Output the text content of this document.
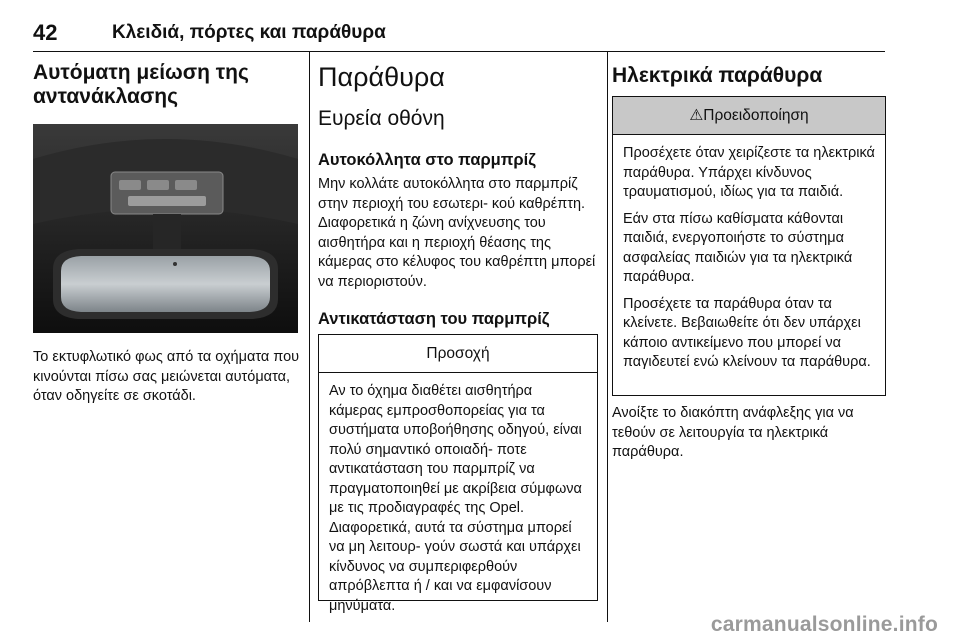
42	Κλειδιά, πόρτες και παράθυρα
Αυτόματη μείωση της αντανάκλασης

Το εκτυφλωτικό φως από τα οχήματα που κινούνται πίσω σας μειώνεται αυτόματα, όταν οδηγείτε σε σκοτάδι.

Παράθυρα
Ευρεία οθόνη
Αυτοκόλλητα στο παρμπρίζ

Μην κολλάτε αυτοκόλλητα στο παρμπρίζ στην περιοχή του εσωτερι- κού καθρέπτη. Διαφορετικά η ζώνη ανίχνευσης του αισθητήρα και η περιοχή θέασης της κάμερας στο κέλυφος του καθρέπτη μπορεί να περιοριστούν.

Αντικατάσταση του παρμπρίζ
Προσοχή

Αν το όχημα διαθέτει αισθητήρα κάμερας εμπροσθοπορείας για τα συστήματα υποβοήθησης οδηγού, είναι πολύ σημαντικό οποιαδή- ποτε αντικατάσταση του παρμπρίζ να πραγματοποιηθεί με ακρίβεια σύμφωνα με τις προδιαγραφές της Opel. Διαφορετικά, αυτά τα σύστημα μπορεί να μη λειτουρ- γούν σωστά και υπάρχει κίνδυνος να συμπεριφερθούν απρόβλεπτα ή / και να εμφανίσουν μηνύματα.

Ηλεκτρικά παράθυρα
⚠Προειδοποίηση

Προσέχετε όταν χειρίζεστε τα ηλεκτρικά παράθυρα. Υπάρχει κίνδυνος τραυματισμού, ιδίως για τα παιδιά.

Εάν στα πίσω καθίσματα κάθονται παιδιά, ενεργοποιήστε το σύστημα ασφαλείας παιδιών για τα ηλεκτρικά παράθυρα.

Προσέχετε τα παράθυρα όταν τα κλείνετε. Βεβαιωθείτε ότι δεν υπάρχει κάποιο αντικείμενο που μπορεί να παγιδευτεί ενώ κλείνουν τα παράθυρα.

Ανοίξτε το διακόπτη ανάφλεξης για να τεθούν σε λειτουργία τα ηλεκτρικά παράθυρα.

carmanualsonline.info
